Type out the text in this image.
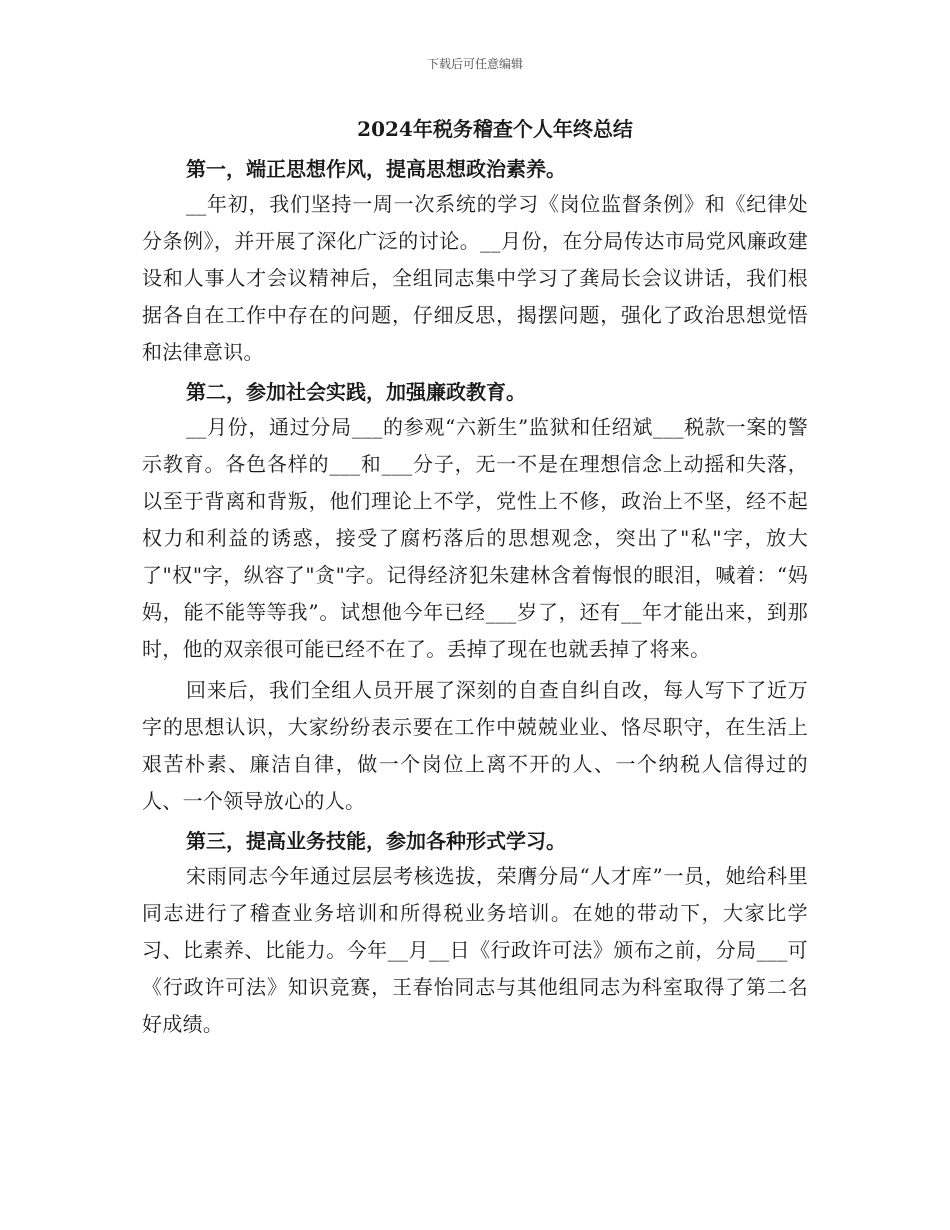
下载后可任意编辑
2024年税务稽查个人年终总结

第一，端正思想作风，提高思想政治素养。

__年初，我们坚持一周一次系统的学习《岗位监督条例》和《纪律处分条例》，并开展了深化广泛的讨论。__月份，在分局传达市局党风廉政建设和人事人才会议精神后，全组同志集中学习了龚局长会议讲话，我们根据各自在工作中存在的问题，仔细反思，揭摆问题，强化了政治思想觉悟和法律意识。

第二，参加社会实践，加强廉政教育。

__月份，通过分局___的参观“六新生”监狱和任绍斌___税款一案的警示教育。各色各样的___和___分子，无一不是在理想信念上动摇和失落，以至于背离和背叛，他们理论上不学，党性上不修，政治上不坚，经不起权力和利益的诱惑，接受了腐朽落后的思想观念，突出了"私"字，放大了"权"字，纵容了"贪"字。记得经济犯朱建林含着悔恨的眼泪，喊着：“妈妈，能不能等等我”。试想他今年已经___岁了，还有__年才能出来，到那时，他的双亲很可能已经不在了。丢掉了现在也就丢掉了将来。

回来后，我们全组人员开展了深刻的自查自纠自改，每人写下了近万字的思想认识，大家纷纷表示要在工作中兢兢业业、恪尽职守，在生活上艰苦朴素、廉洁自律，做一个岗位上离不开的人、一个纳税人信得过的人、一个领导放心的人。

第三，提高业务技能，参加各种形式学习。

宋雨同志今年通过层层考核选拔，荣膺分局“人才库”一员，她给科里同志进行了稽查业务培训和所得税业务培训。在她的带动下，大家比学习、比素养、比能力。今年__月__日《行政许可法》颁布之前，分局___可《行政许可法》知识竞赛，王春怡同志与其他组同志为科室取得了第二名好成绩。
